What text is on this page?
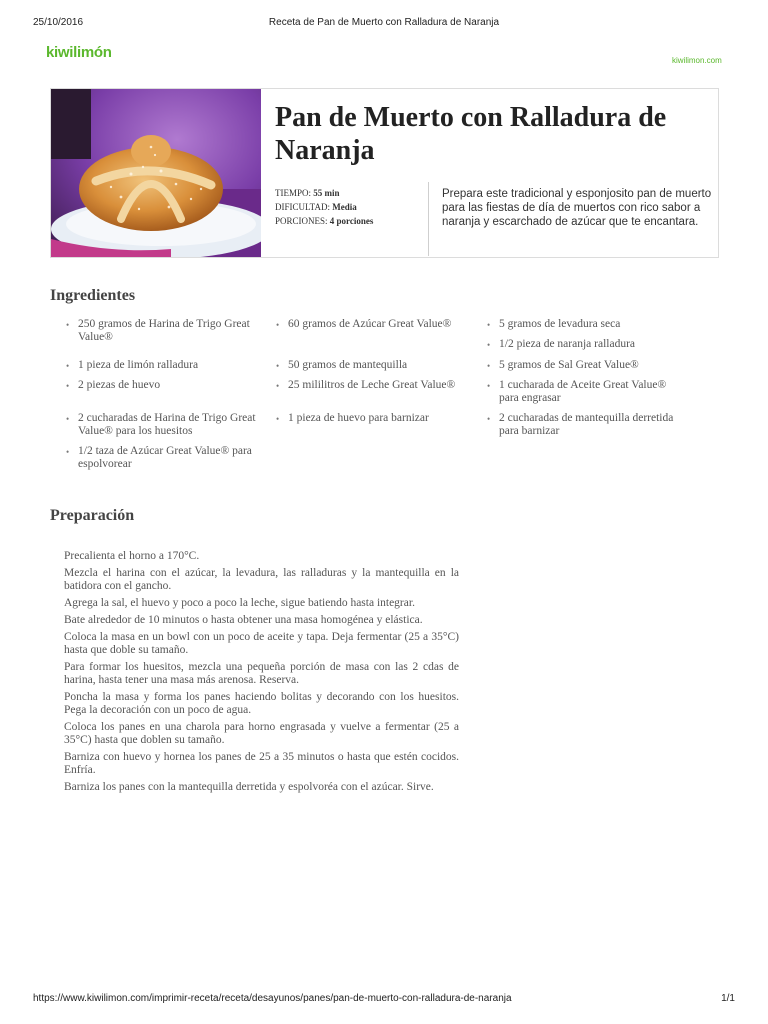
25/10/2016	Receta de Pan de Muerto con Ralladura de Naranja
kiwilimón	kiwilimon.com
Pan de Muerto con Ralladura de Naranja
TIEMPO: 55 min
DIFICULTAD: Media
PORCIONES: 4 porciones

Prepara este tradicional y esponjosito pan de muerto para las fiestas de día de muertos con rico sabor a naranja y escarchado de azúcar que te encantara.

Ingredientes
• 250 gramos de Harina de Trigo Great Value®
• 1 pieza de limón ralladura
• 2 piezas de huevo
• 2 cucharadas de Harina de Trigo Great Value® para los huesitos
• 1/2 taza de Azúcar Great Value® para espolvorear
• 60 gramos de Azúcar Great Value®
• 50 gramos de mantequilla
• 25 mililitros de Leche Great Value®
• 1 pieza de huevo para barnizar
• 5 gramos de levadura seca
• 1/2 pieza de naranja ralladura
• 5 gramos de Sal Great Value®
• 1 cucharada de Aceite Great Value® para engrasar
• 2 cucharadas de mantequilla derretida para barnizar
Preparación

Precalienta el horno a 170°C.

Mezcla el harina con el azúcar, la levadura, las ralladuras y la mantequilla en la batidora con el gancho.

Agrega la sal, el huevo y poco a poco la leche, sigue batiendo hasta integrar.

Bate alrededor de 10 minutos o hasta obtener una masa homogénea y elástica.

Coloca la masa en un bowl con un poco de aceite y tapa. Deja fermentar (25 a 35°C) hasta que doble su tamaño.

Para formar los huesitos, mezcla una pequeña porción de masa con las 2 cdas de harina, hasta tener una masa más arenosa. Reserva.

Poncha la masa y forma los panes haciendo bolitas y decorando con los huesitos. Pega la decoración con un poco de agua.

Coloca los panes en una charola para horno engrasada y vuelve a fermentar (25 a 35°C) hasta que doblen su tamaño.

Barniza con huevo y hornea los panes de 25 a 35 minutos o hasta que estén cocidos. Enfría.

Barniza los panes con la mantequilla derretida y espolvoréa con el azúcar. Sirve.

https://www.kiwilimon.com/imprimir-receta/receta/desayunos/panes/pan-de-muerto-con-ralladura-de-naranja	1/1
